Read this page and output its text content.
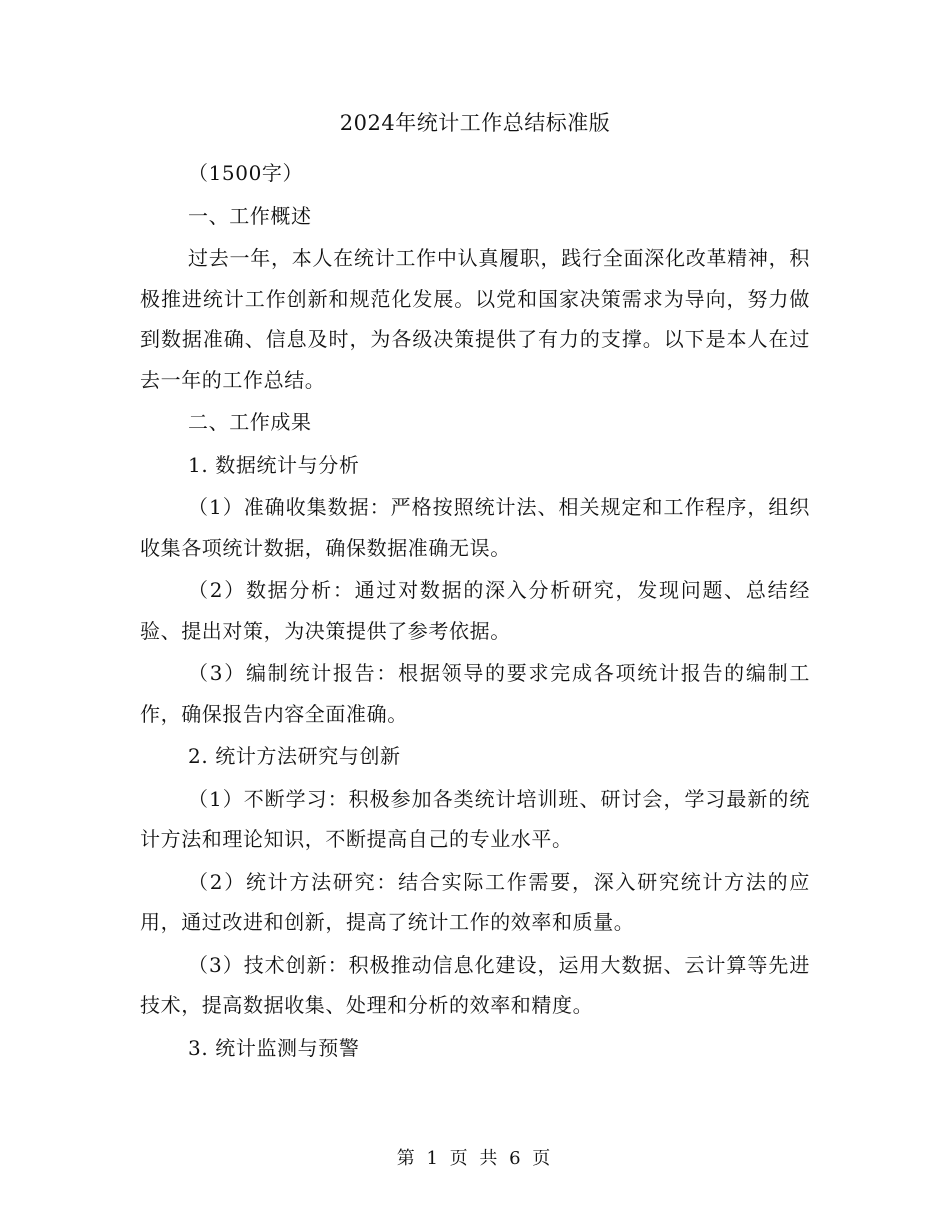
2024年统计工作总结标准版

（1500字）

一、工作概述

过去一年，本人在统计工作中认真履职，践行全面深化改革精神，积极推进统计工作创新和规范化发展。以党和国家决策需求为导向，努力做到数据准确、信息及时，为各级决策提供了有力的支撑。以下是本人在过去一年的工作总结。

二、工作成果

1. 数据统计与分析

（1）准确收集数据：严格按照统计法、相关规定和工作程序，组织收集各项统计数据，确保数据准确无误。

（2）数据分析：通过对数据的深入分析研究，发现问题、总结经验、提出对策，为决策提供了参考依据。

（3）编制统计报告：根据领导的要求完成各项统计报告的编制工作，确保报告内容全面准确。

2. 统计方法研究与创新

（1）不断学习：积极参加各类统计培训班、研讨会，学习最新的统计方法和理论知识，不断提高自己的专业水平。

（2）统计方法研究：结合实际工作需要，深入研究统计方法的应用，通过改进和创新，提高了统计工作的效率和质量。

（3）技术创新：积极推动信息化建设，运用大数据、云计算等先进技术，提高数据收集、处理和分析的效率和精度。

3. 统计监测与预警

第 1 页 共 6 页
